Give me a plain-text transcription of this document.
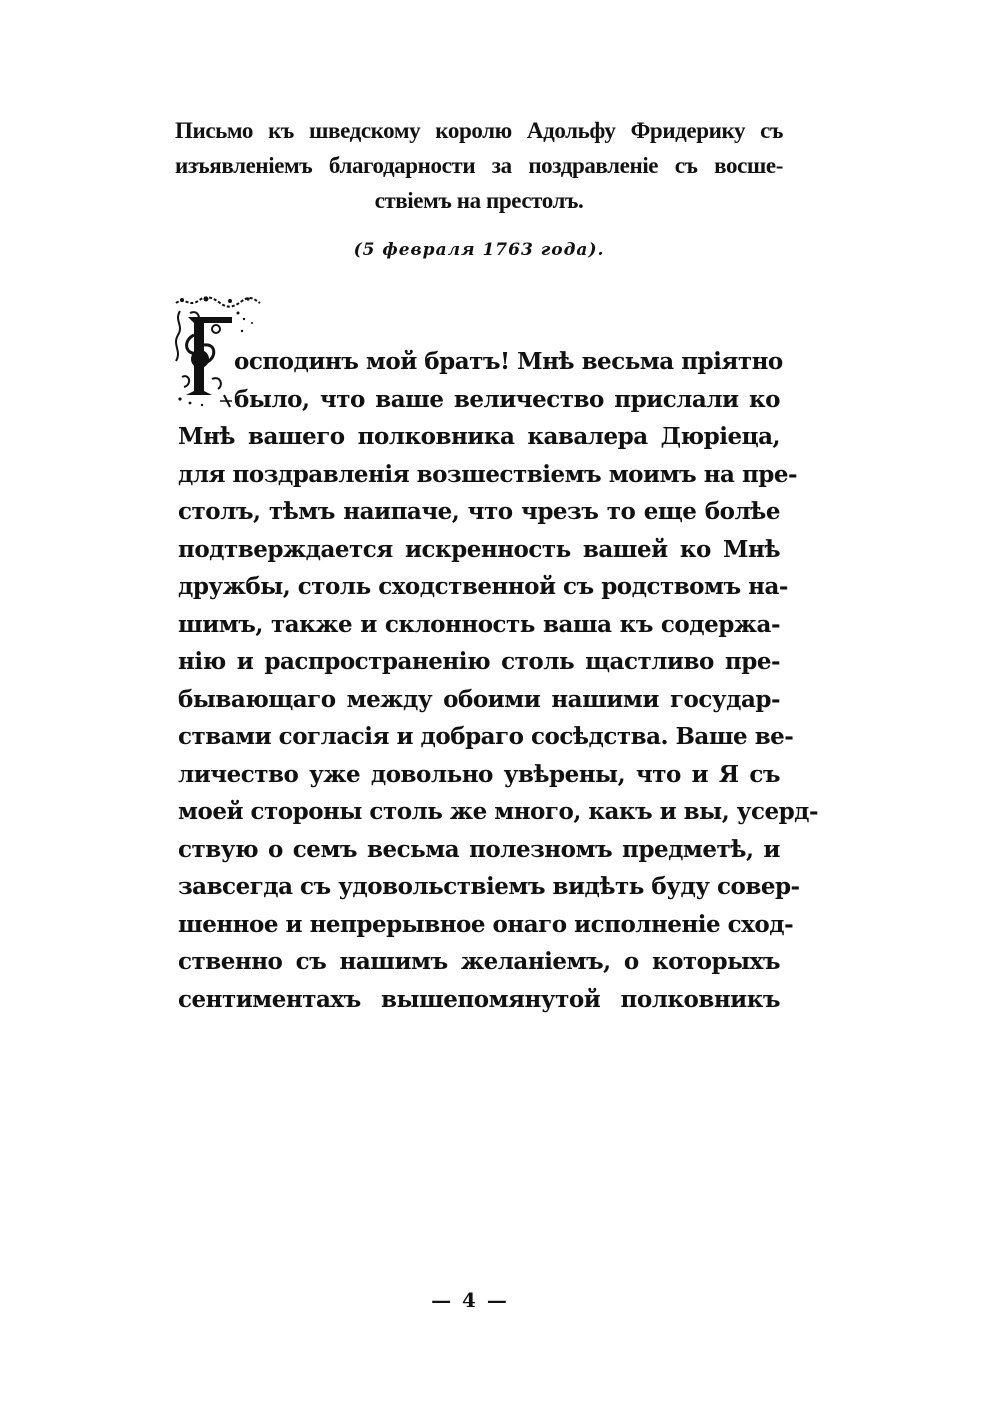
Письмо къ шведскому королю Адольфу Фридерику съ
изъявленіемъ благодарности за поздравленіе съ восше-
ствіемъ на престолъ.
(5 февраля 1763 года).
осподинъ мой братъ! Мнѣ весьма пріятно
было, что ваше величество прислали ко
Мнѣ вашего полковника кавалера Дюріеца,
для поздравленія возшествіемъ моимъ на пре-
столъ, тѣмъ наипаче, что чрезъ то еще болѣе
подтверждается искренность вашей ко Мнѣ
дружбы, столь сходственной съ родствомъ на-
шимъ, также и склонность ваша къ содержа-
нію и распространенію столь щастливо пре-
бывающаго между обоими нашими государ-
ствами согласія и добраго сосѣдства. Ваше ве-
личество уже довольно увѣрены, что и Я съ
моей стороны столь же много, какъ и вы, усерд-
ствую о семъ весьма полезномъ предметѣ, и
завсегда съ удовольствіемъ видѣть буду совер-
шенное и непрерывное онаго исполненіе сход-
ственно съ нашимъ желаніемъ, о которыхъ
сентиментахъ вышепомянутой полковникъ
— 4 —
